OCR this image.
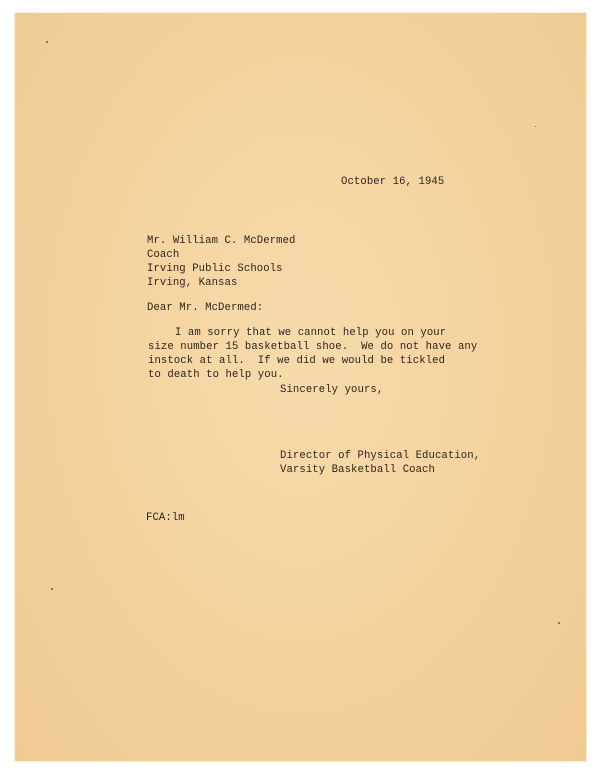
October 16, 1945
Mr. William C. McDermed
Coach
Irving Public Schools
Irving, Kansas
Dear Mr. McDermed:
I am sorry that we cannot help you on your
size number 15 basketball shoe.  We do not have any
instock at all.  If we did we would be tickled
to death to help you.
Sincerely yours,
Director of Physical Education,
Varsity Basketball Coach
FCA:lm
